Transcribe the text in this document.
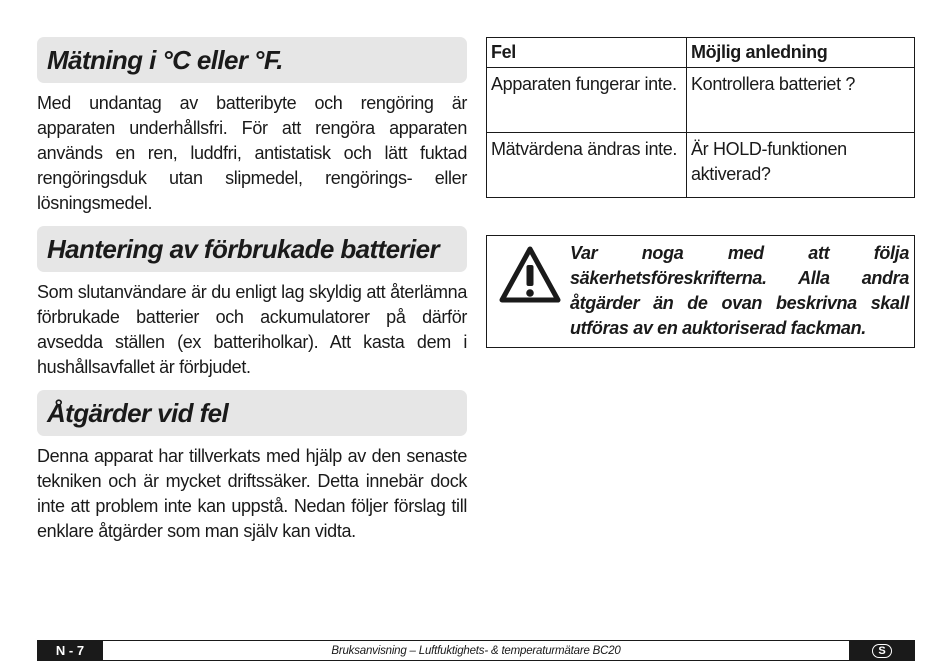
Mätning i °C eller °F.

Med undantag av batteribyte och rengöring är apparaten underhållsfri. För att rengöra apparaten används en ren, luddfri, antistatisk och lätt fuktad rengöringsduk utan slipmedel, rengörings- eller lösningsmedel.

Hantering av förbrukade batterier

Som slutanvändare är du enligt lag skyldig att återlämna förbrukade batterier och ackumulatorer på därför avsedda ställen (ex batteriholkar). Att kasta dem i hushållsavfallet är förbjudet.

Åtgärder vid fel

Denna apparat har tillverkats med hjälp av den senaste tekniken och är mycket driftssäker. Detta innebär dock inte att problem inte kan uppstå. Nedan följer förslag till enklare åtgärder som man själv kan vidta.

Fel	Möjlig anledning
Apparaten fungerar inte.	Kontrollera batteriet ?
Mätvärdena ändras inte.	Är HOLD-funktionen aktiverad?
Var noga med att följa säkerhetsföreskrifterna. Alla andra åtgärder än de ovan beskrivna skall utföras av en auktoriserad fackman.
N - 7	Bruksanvisning – Luftfuktighets- & temperaturmätare BC20	S
